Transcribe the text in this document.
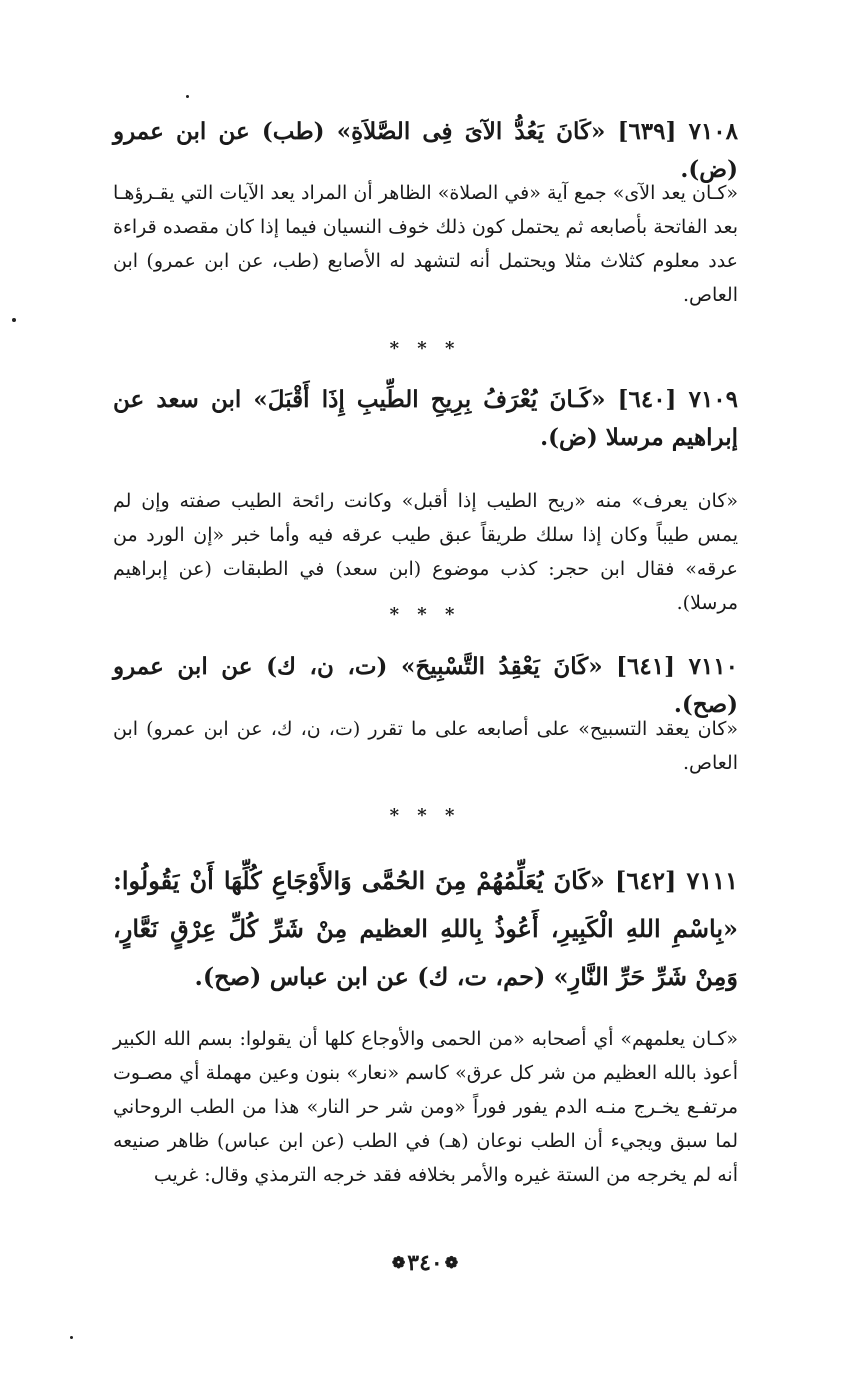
٧١٠٨ [٦٣٩] «كَانَ يَعُدُّ الآىَ فِى الصَّلاَةِ» (طب) عن ابن عمرو (ض).
«كـان يعد الآى» جمع آية «في الصلاة» الظاهر أن المراد يعد الآيات التي يقـرؤهـا بعد الفاتحة بأصابعه ثم يحتمل كون ذلك خوف النسيان فيما إذا كان مقصده قراءة عدد معلوم كثلاث مثلا ويحتمل أنه لتشهد له الأصابع (طب، عن ابن عمرو) ابن العاص.
* * *
٧١٠٩ [٦٤٠] «كَـانَ يُعْرَفُ بِرِيحِ الطِّيبِ إِذَا أَقْبَلَ» ابن سعد عن إبراهيم مرسلا (ض).
«كان يعرف» منه «ريح الطيب إذا أقبل» وكانت رائحة الطيب صفته وإن لم يمس طيباً وكان إذا سلك طريقاً عبق طيب عرقه فيه وأما خبر «إن الورد من عرقه» فقال ابن حجر: كذب موضوع (ابن سعد) في الطبقات (عن إبراهيم مرسلا).
* * *
٧١١٠ [٦٤١] «كَانَ يَعْقِدُ التَّسْبِيحَ» (ت، ن، ك) عن ابن عمرو (صح).
«كان يعقد التسبيح» على أصابعه على ما تقرر (ت، ن، ك، عن ابن عمرو) ابن العاص.
* * *
٧١١١ [٦٤٢] «كَانَ يُعَلِّمُهُمْ مِنَ الحُمَّى وَالأَوْجَاعِ كُلِّهَا أَنْ يَقُولُوا: «بِاسْمِ اللهِ الْكَبِيرِ، أَعُوذُ بِاللهِ العظيم مِنْ شَرِّ كُلِّ عِرْقٍ نَعَّارٍ، وَمِنْ شَرِّ حَرِّ النَّارِ» (حم، ت، ك) عن ابن عباس (صح).
«كـان يعلمهم» أي أصحابه «من الحمى والأوجاع كلها أن يقولوا: بسم الله الكبير أعوذ بالله العظيم من شر كل عرق» كاسم «نعار» بنون وعين مهملة أي مصـوت مرتفـع يخـرج منـه الدم يفور فوراً «ومن شر حر النار» هذا من الطب الروحاني لما سبق ويجيء أن الطب نوعان (هـ) في الطب (عن ابن عباس) ظاهر صنيعه أنه لم يخرجه من الستة غيره والأمر بخلافه فقد خرجه الترمذي وقال: غريب
❁٣٤٠❁
